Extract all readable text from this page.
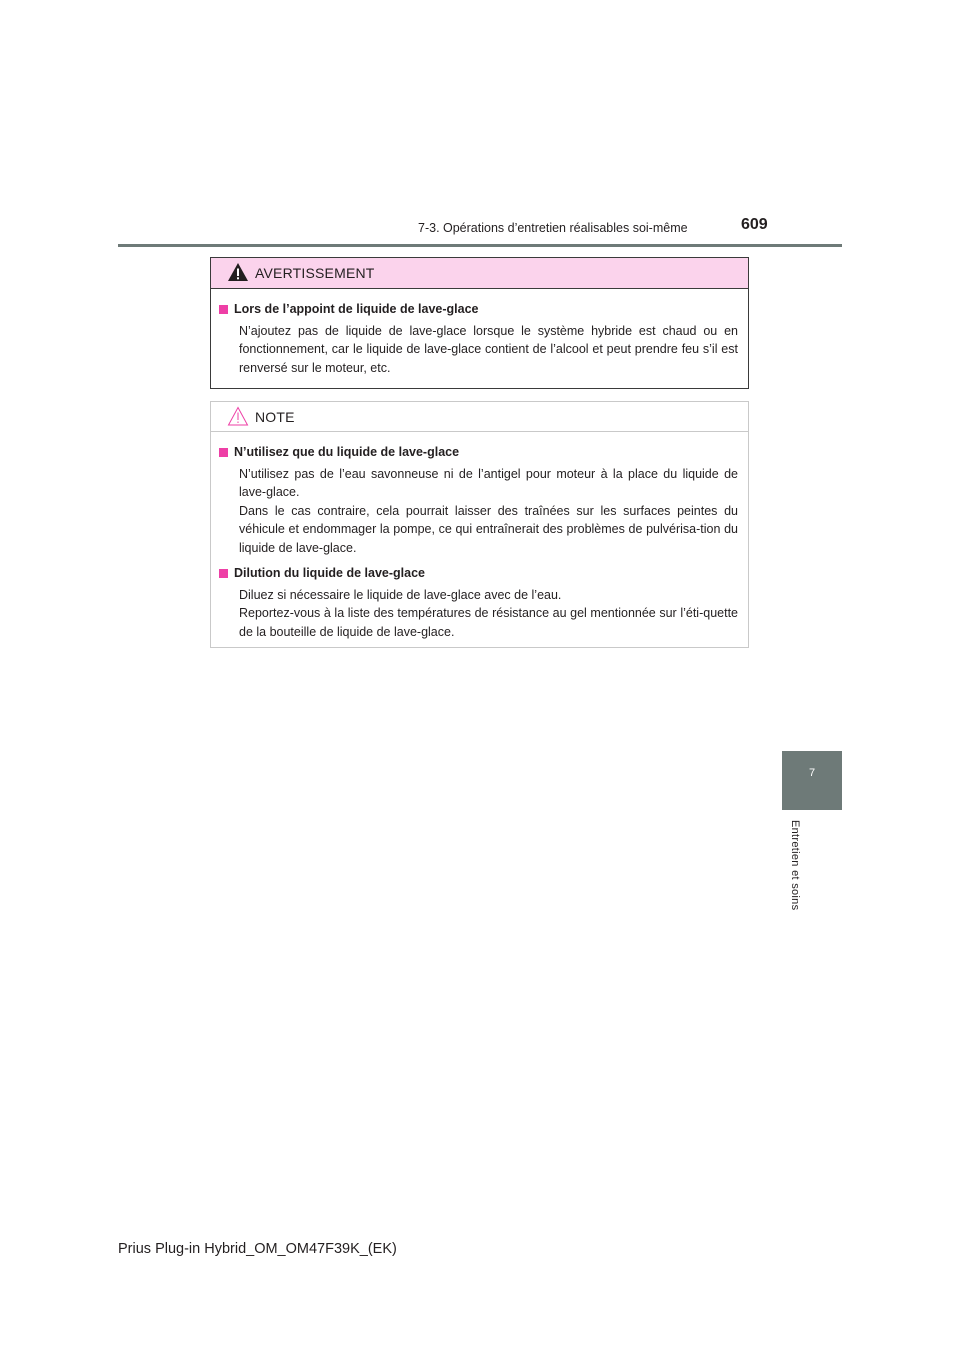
7-3. Opérations d’entretien réalisables soi-même	609
7
Entretien et soins
AVERTISSEMENT
Lors de l’appoint de liquide de lave-glace

N’ajoutez pas de liquide de lave-glace lorsque le système hybride est chaud ou en fonctionnement, car le liquide de lave-glace contient de l’alcool et peut prendre feu s’il est renversé sur le moteur, etc.

NOTE
N’utilisez que du liquide de lave-glace

N’utilisez pas de l’eau savonneuse ni de l’antigel pour moteur à la place du liquide de lave-glace.

Dans le cas contraire, cela pourrait laisser des traînées sur les surfaces peintes du véhicule et endommager la pompe, ce qui entraînerait des problèmes de pulvérisa-tion du liquide de lave-glace.

Dilution du liquide de lave-glace

Diluez si nécessaire le liquide de lave-glace avec de l’eau.

Reportez-vous à la liste des températures de résistance au gel mentionnée sur l’éti-quette de la bouteille de liquide de lave-glace.

Prius Plug-in Hybrid_OM_OM47F39K_(EK)
